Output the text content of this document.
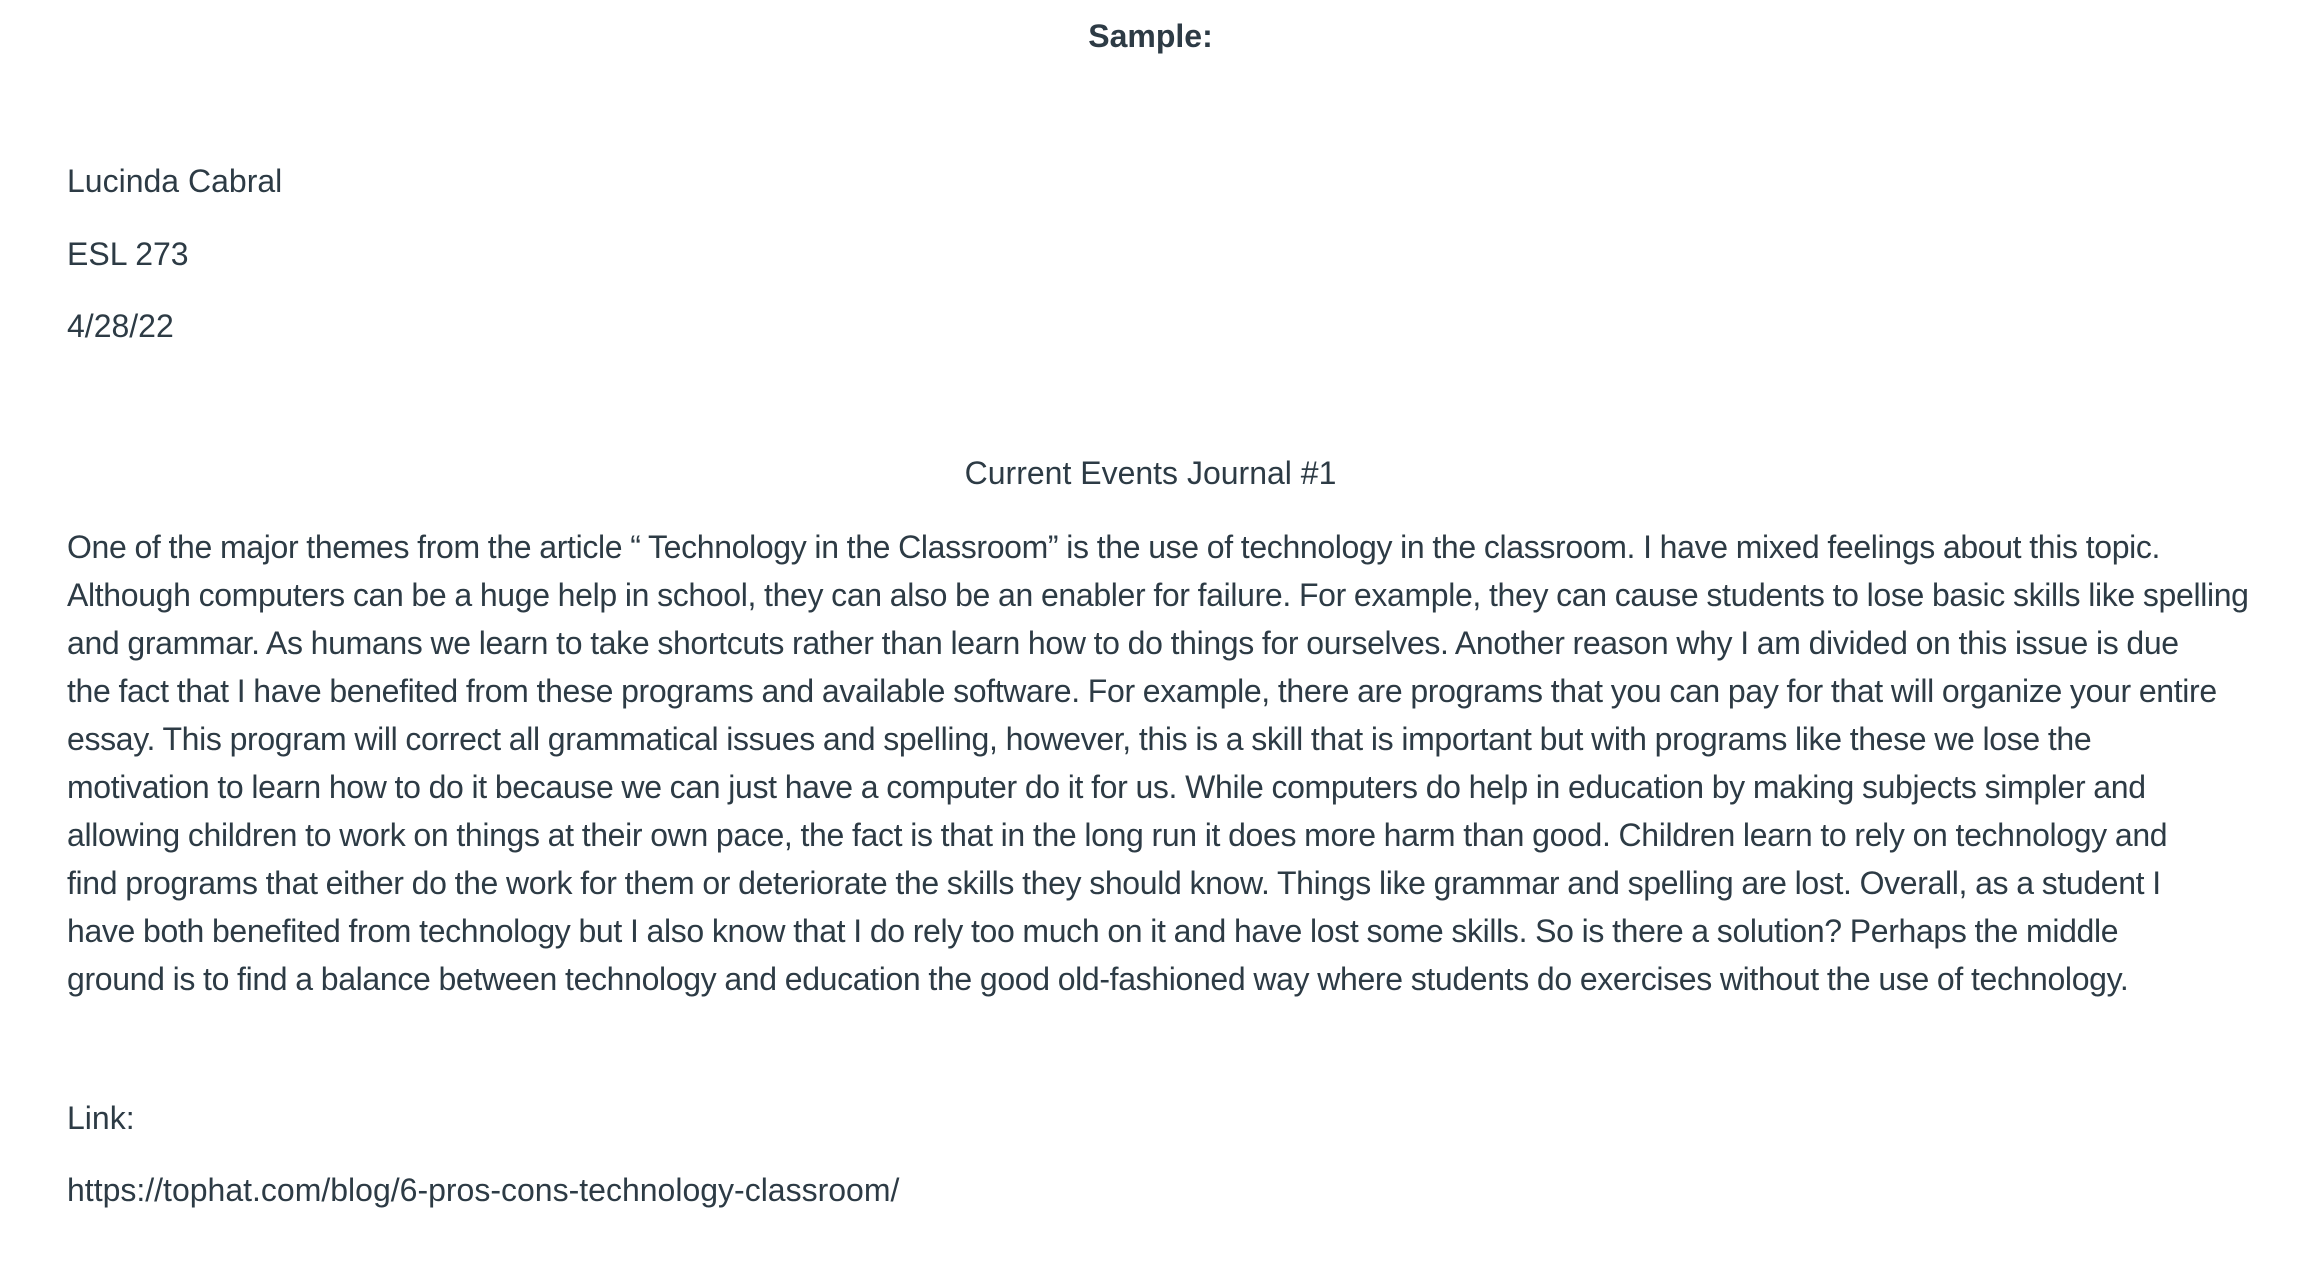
Sample:

Lucinda Cabral

ESL 273

4/28/22

Current Events Journal #1

One of the major themes from the article “ Technology in the Classroom” is the use of technology in the classroom. I have mixed feelings about this topic.
Although computers can be a huge help in school, they can also be an enabler for failure. For example, they can cause students to lose basic skills like spelling
and grammar. As humans we learn to take shortcuts rather than learn how to do things for ourselves. Another reason why I am divided on this issue is due
the fact that I have benefited from these programs and available software. For example, there are programs that you can pay for that will organize your entire
essay. This program will correct all grammatical issues and spelling, however, this is a skill that is important but with programs like these we lose the
motivation to learn how to do it because we can just have a computer do it for us. While computers do help in education by making subjects simpler and
allowing children to work on things at their own pace, the fact is that in the long run it does more harm than good. Children learn to rely on technology and
find programs that either do the work for them or deteriorate the skills they should know. Things like grammar and spelling are lost. Overall, as a student I
have both benefited from technology but I also know that I do rely too much on it and have lost some skills. So is there a solution? Perhaps the middle
ground is to find a balance between technology and education the good old-fashioned way where students do exercises without the use of technology.

Link:

https://tophat.com/blog/6-pros-cons-technology-classroom/
